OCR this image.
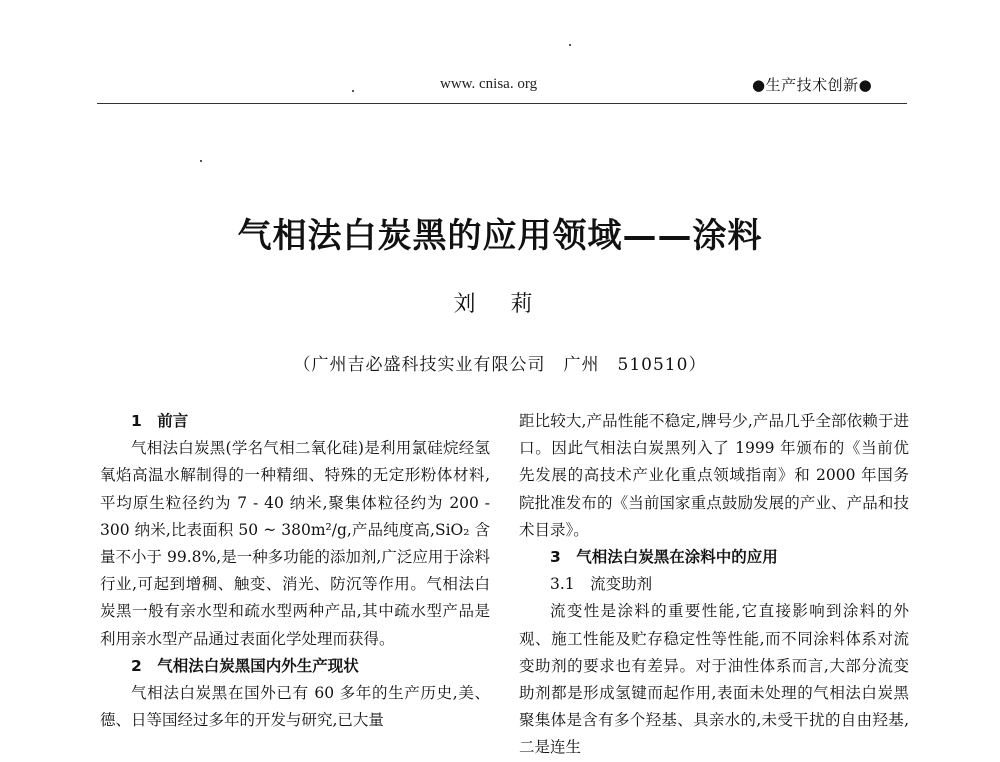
www. cnisa. org	●生产技术创新●
气相法白炭黑的应用领域——涂料
刘 莉
（广州吉必盛科技实业有限公司　广州　510510）
1　前言

气相法白炭黑(学名气相二氧化硅)是利用氯硅烷经氢氧焰高温水解制得的一种精细、特殊的无定形粉体材料,平均原生粒径约为 7 - 40 纳米,聚集体粒径约为 200 - 300 纳米,比表面积 50 ~ 380m²/g,产品纯度高,SiO₂ 含量不小于 99.8%,是一种多功能的添加剂,广泛应用于涂料行业,可起到增稠、触变、消光、防沉等作用。气相法白炭黑一般有亲水型和疏水型两种产品,其中疏水型产品是利用亲水型产品通过表面化学处理而获得。

2　气相法白炭黑国内外生产现状

气相法白炭黑在国外已有 60 多年的生产历史,美、德、日等国经过多年的开发与研究,已大量

距比较大,产品性能不稳定,牌号少,产品几乎全部依赖于进口。因此气相法白炭黑列入了 1999 年颁布的《当前优先发展的高技术产业化重点领域指南》和 2000 年国务院批准发布的《当前国家重点鼓励发展的产业、产品和技术目录》。

3　气相法白炭黑在涂料中的应用
3.1　流变助剂

流变性是涂料的重要性能,它直接影响到涂料的外观、施工性能及贮存稳定性等性能,而不同涂料体系对流变助剂的要求也有差异。对于油性体系而言,大部分流变助剂都是形成氢键而起作用,表面未处理的气相法白炭黑聚集体是含有多个羟基、具亲水的,未受干扰的自由羟基,二是连生
